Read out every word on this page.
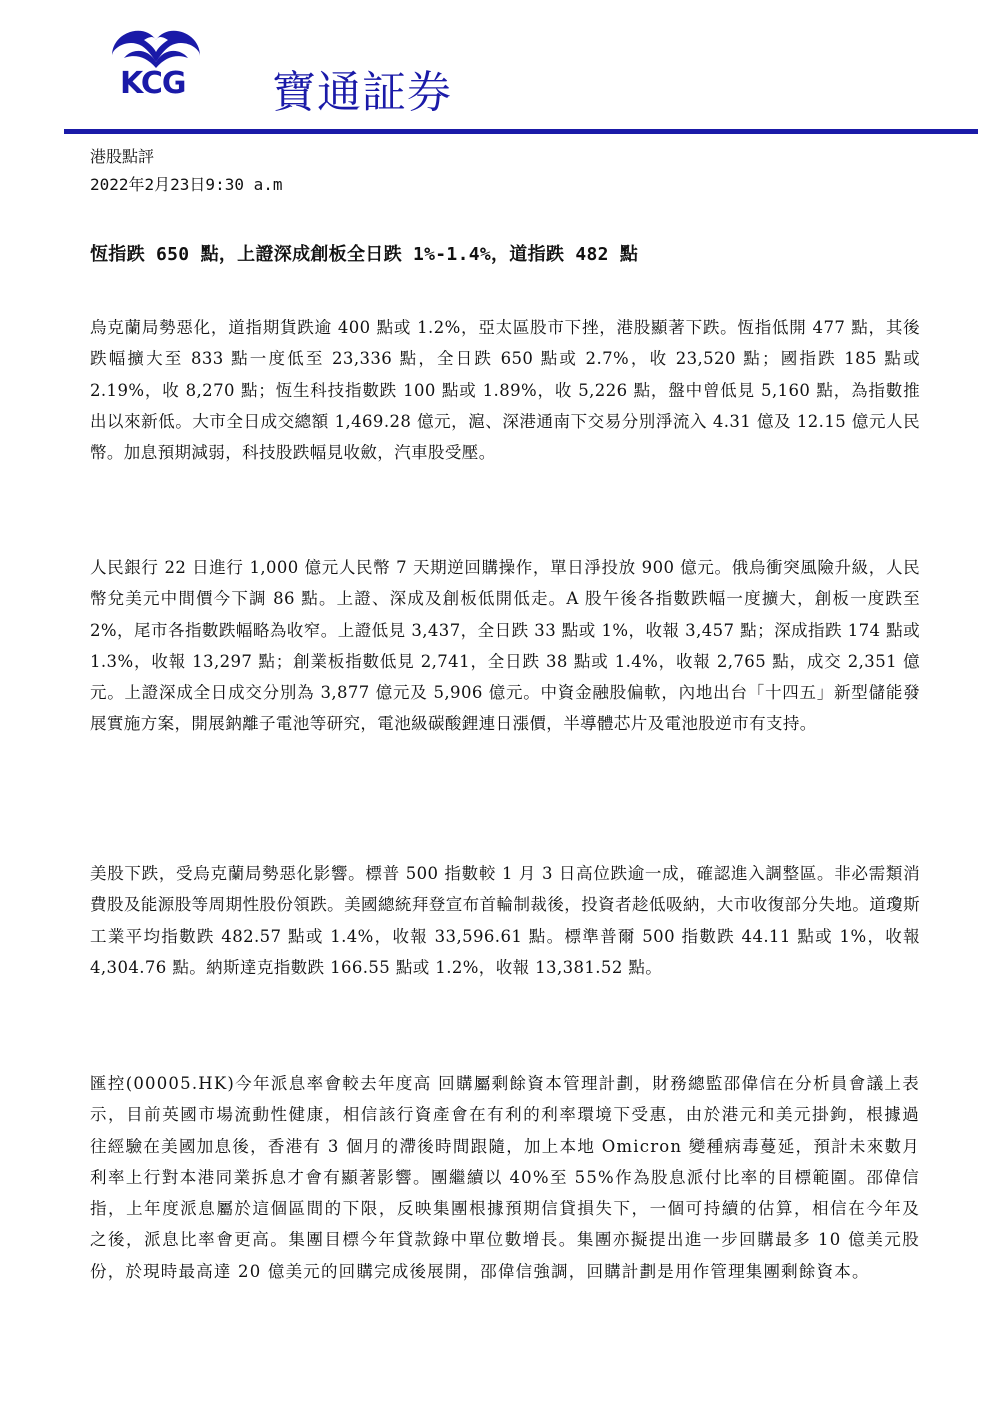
KCG 寶通証券
港股點評
2022年2月23日9:30 a.m
恆指跌 650 點，上證深成創板全日跌 1%-1.4%，道指跌 482 點
烏克蘭局勢惡化，道指期貨跌逾 400 點或 1.2%，亞太區股市下挫，港股顯著下跌。恆指低開 477 點，其後跌幅擴大至 833 點一度低至 23,336 點，全日跌 650 點或 2.7%，收 23,520 點；國指跌 185 點或 2.19%，收 8,270 點；恆生科技指數跌 100 點或 1.89%，收 5,226 點，盤中曾低見 5,160 點，為指數推出以來新低。大市全日成交總額 1,469.28 億元，滬、深港通南下交易分別淨流入 4.31 億及 12.15 億元人民幣。加息預期減弱，科技股跌幅見收斂，汽車股受壓。
人民銀行 22 日進行 1,000 億元人民幣 7 天期逆回購操作，單日淨投放 900 億元。俄烏衝突風險升級，人民幣兌美元中間價今下調 86 點。上證、深成及創板低開低走。A 股午後各指數跌幅一度擴大，創板一度跌至 2%，尾市各指數跌幅略為收窄。上證低見 3,437，全日跌 33 點或 1%，收報 3,457 點；深成指跌 174 點或 1.3%，收報 13,297 點；創業板指數低見 2,741，全日跌 38 點或 1.4%，收報 2,765 點，成交 2,351 億元。上證深成全日成交分別為 3,877 億元及 5,906 億元。中資金融股偏軟，內地出台「十四五」新型儲能發展實施方案，開展鈉離子電池等研究，電池級碳酸鋰連日漲價，半導體芯片及電池股逆市有支持。
美股下跌，受烏克蘭局勢惡化影響。標普 500 指數較 1 月 3 日高位跌逾一成，確認進入調整區。非必需類消費股及能源股等周期性股份領跌。美國總統拜登宣布首輪制裁後，投資者趁低吸納，大市收復部分失地。道瓊斯工業平均指數跌 482.57 點或 1.4%，收報 33,596.61 點。標準普爾 500 指數跌 44.11 點或 1%，收報 4,304.76 點。納斯達克指數跌 166.55 點或 1.2%，收報 13,381.52 點。
匯控(00005.HK)今年派息率會較去年度高 回購屬剩餘資本管理計劃，財務總監邵偉信在分析員會議上表示，目前英國市場流動性健康，相信該行資產會在有利的利率環境下受惠，由於港元和美元掛鉤，根據過往經驗在美國加息後，香港有 3 個月的滯後時間跟隨，加上本地 Omicron 變種病毒蔓延，預計未來數月利率上行對本港同業拆息才會有顯著影響。團繼續以 40%至 55%作為股息派付比率的目標範圍。邵偉信指，上年度派息屬於這個區間的下限，反映集團根據預期信貸損失下，一個可持續的估算，相信在今年及之後，派息比率會更高。集團目標今年貸款錄中單位數增長。集團亦擬提出進一步回購最多 10 億美元股份，於現時最高達 20 億美元的回購完成後展開，邵偉信強調，回購計劃是用作管理集團剩餘資本。
